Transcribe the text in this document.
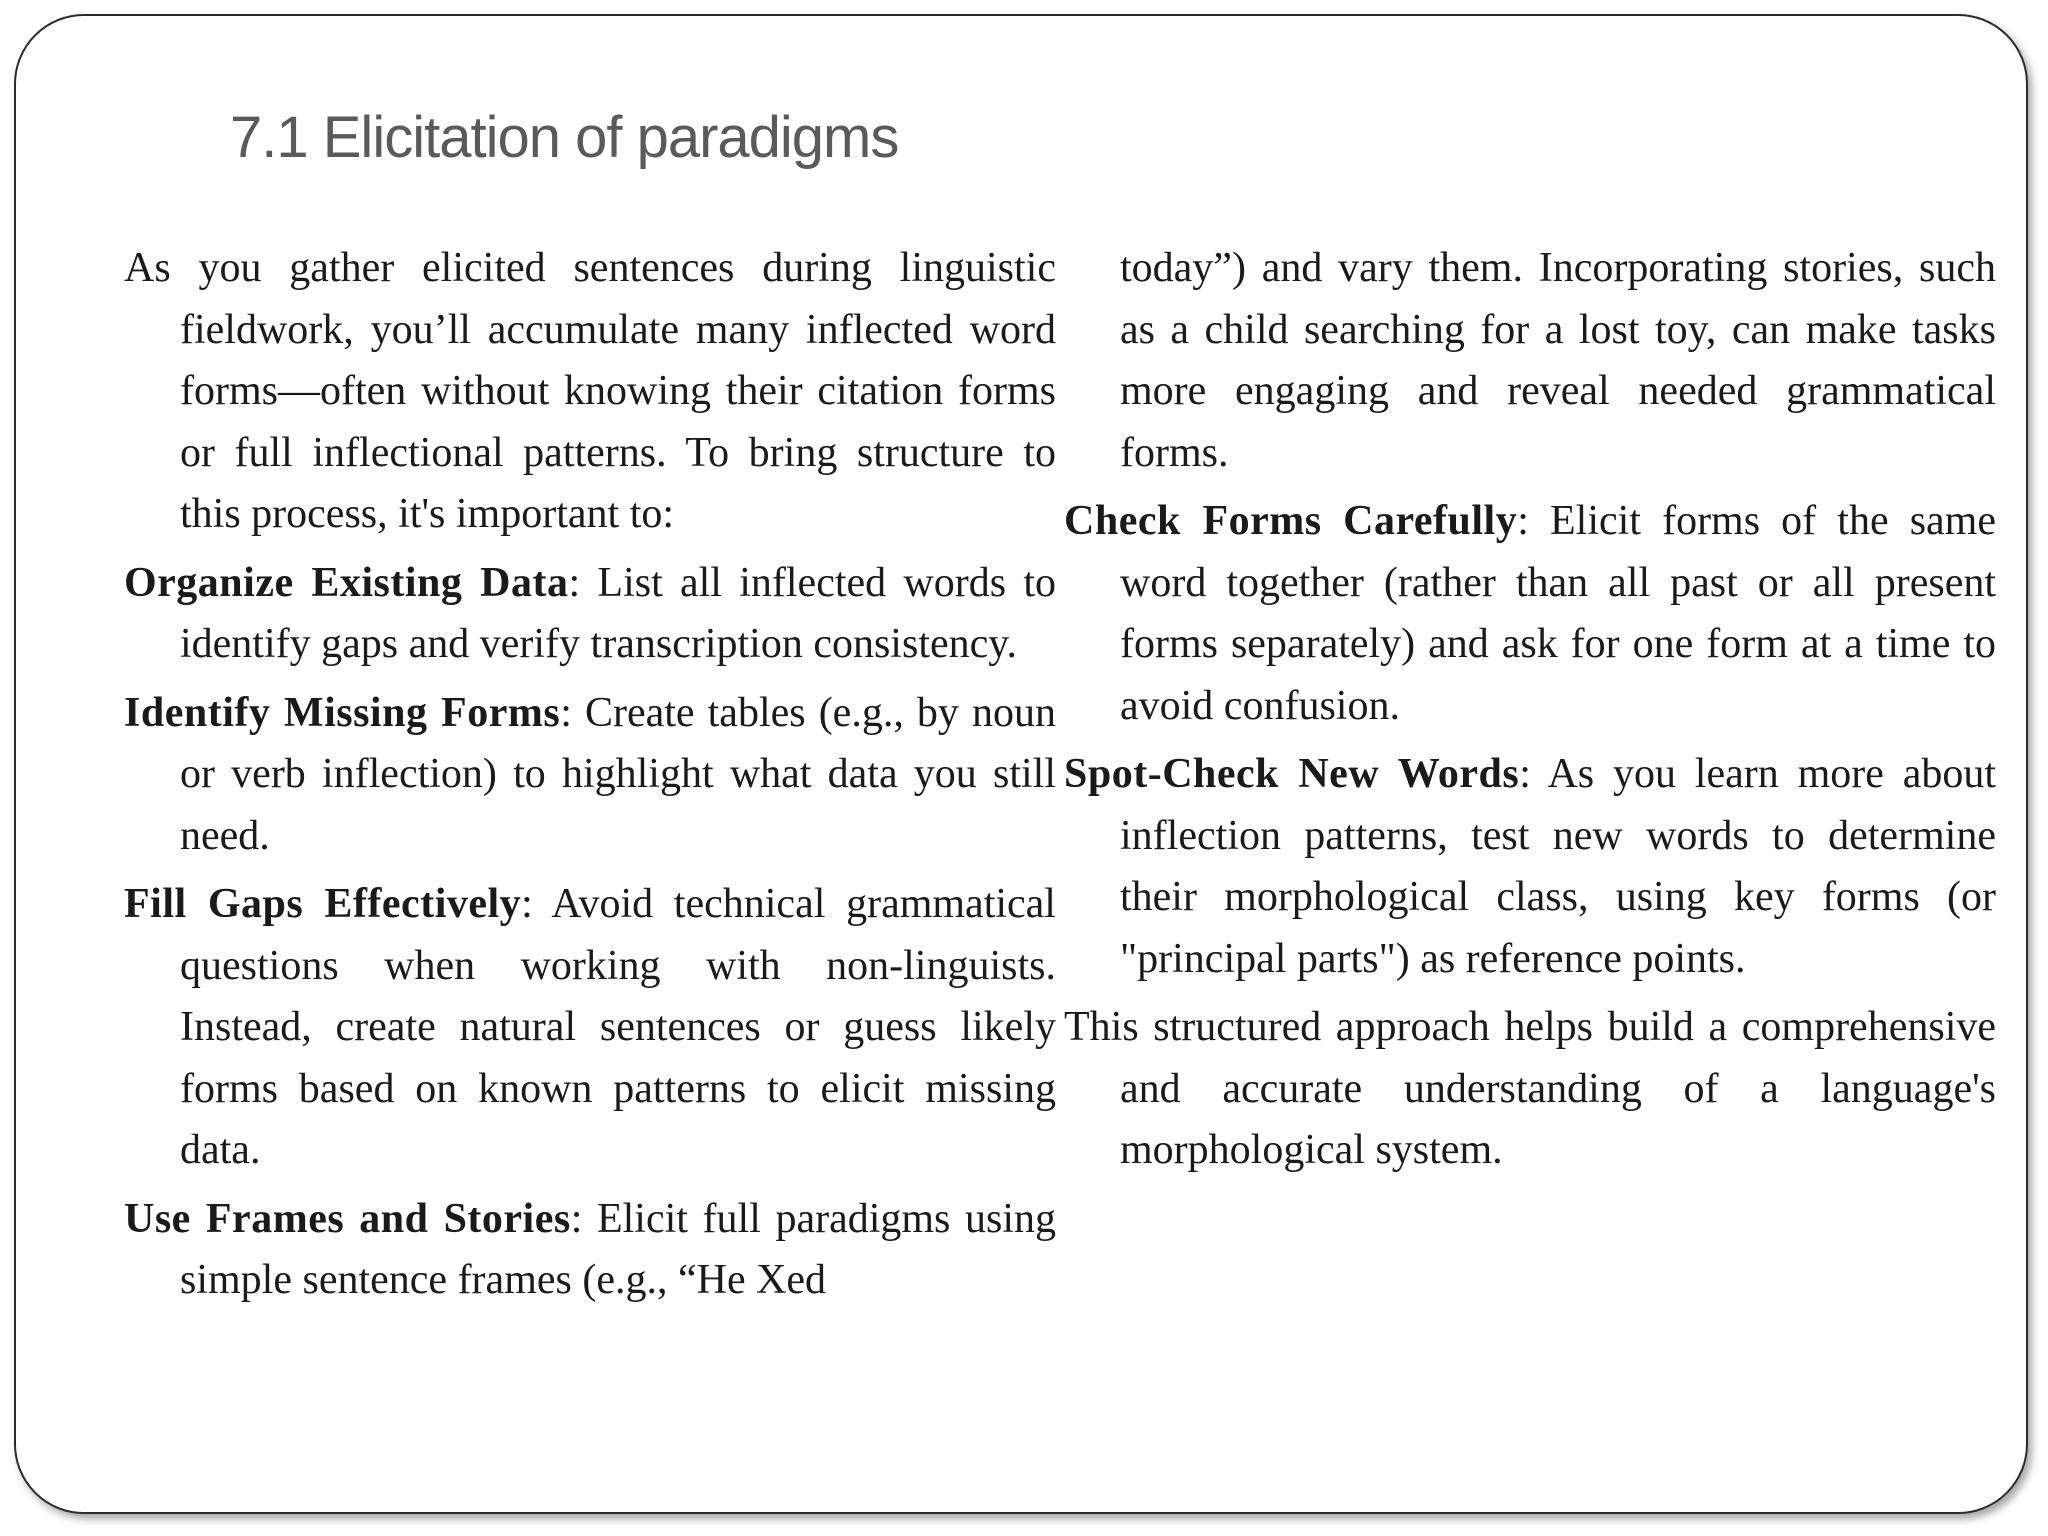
7.1 Elicitation of paradigms

As you gather elicited sentences during linguistic fieldwork, you’ll accumulate many inflected word forms—often without knowing their citation forms or full inflectional patterns. To bring structure to this process, it's important to:

Organize Existing Data: List all inflected words to identify gaps and verify transcription consistency.

Identify Missing Forms: Create tables (e.g., by noun or verb inflection) to highlight what data you still need.

Fill Gaps Effectively: Avoid technical grammatical questions when working with non-linguists. Instead, create natural sentences or guess likely forms based on known patterns to elicit missing data.

Use Frames and Stories: Elicit full paradigms using simple sentence frames (e.g., “He Xed

today”) and vary them. Incorporating stories, such as a child searching for a lost toy, can make tasks more engaging and reveal needed grammatical forms.

Check Forms Carefully: Elicit forms of the same word together (rather than all past or all present forms separately) and ask for one form at a time to avoid confusion.

Spot-Check New Words: As you learn more about inflection patterns, test new words to determine their morphological class, using key forms (or "principal parts") as reference points.

This structured approach helps build a comprehensive and accurate understanding of a language's morphological system.
